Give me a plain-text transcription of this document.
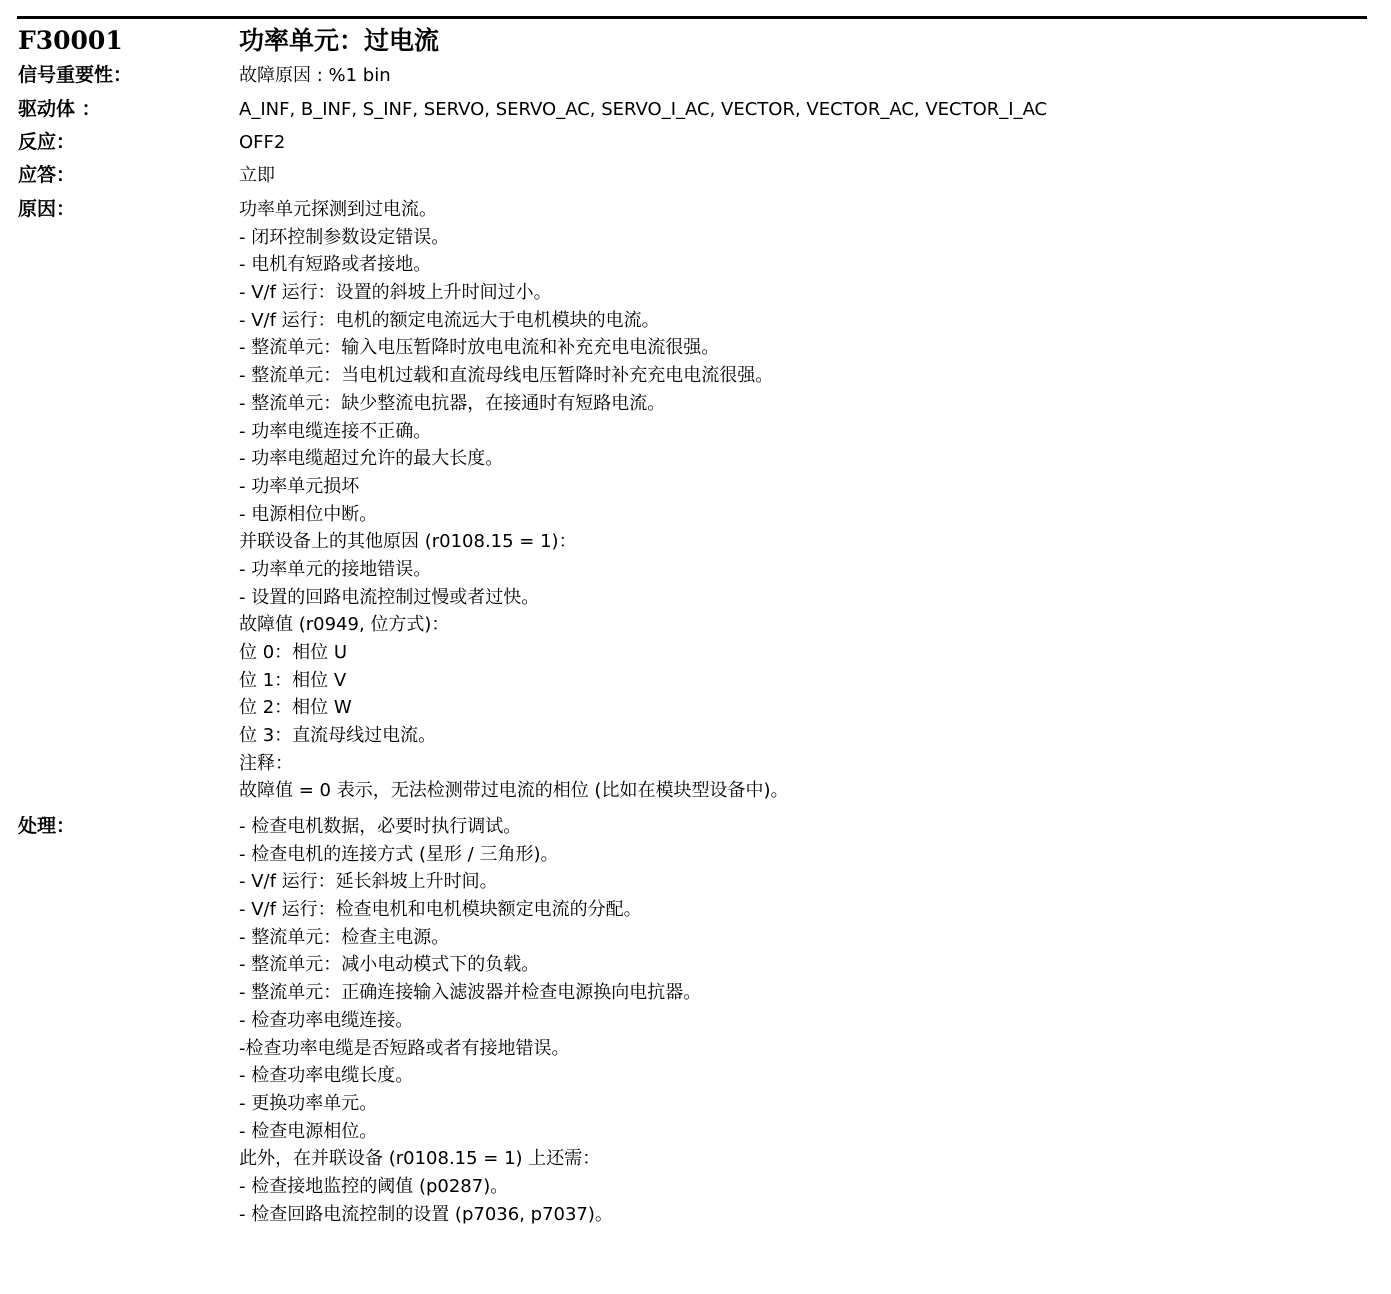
F30001	功率单元：过电流
信号重要性：	故障原因 : %1 bin
驱动体 ：	A_INF, B_INF, S_INF, SERVO, SERVO_AC, SERVO_I_AC, VECTOR, VECTOR_AC, VECTOR_I_AC
反应：	OFF2
应答：	立即
原因：	功率单元探测到过电流。
- 闭环控制参数设定错误。
- 电机有短路或者接地。
- V/f 运行：设置的斜坡上升时间过小。
- V/f 运行：电机的额定电流远大于电机模块的电流。
- 整流单元：输入电压暂降时放电电流和补充充电电流很强。
- 整流单元：当电机过载和直流母线电压暂降时补充充电电流很强。
- 整流单元：缺少整流电抗器，在接通时有短路电流。
- 功率电缆连接不正确。
- 功率电缆超过允许的最大长度。
- 功率单元损坏
- 电源相位中断。
并联设备上的其他原因 (r0108.15 = 1)：
- 功率单元的接地错误。
- 设置的回路电流控制过慢或者过快。
故障值 (r0949, 位方式)：
位 0：相位 U
位 1：相位 V
位 2：相位 W
位 3：直流母线过电流。
注释：
故障值 = 0 表示，无法检测带过电流的相位 (比如在模块型设备中)。
处理：	- 检查电机数据，必要时执行调试。
- 检查电机的连接方式 (星形 / 三角形)。
- V/f 运行：延长斜坡上升时间。
- V/f 运行：检查电机和电机模块额定电流的分配。
- 整流单元：检查主电源。
- 整流单元：减小电动模式下的负载。
- 整流单元：正确连接输入滤波器并检查电源换向电抗器。
- 检查功率电缆连接。
-检查功率电缆是否短路或者有接地错误。
- 检查功率电缆长度。
- 更换功率单元。
- 检查电源相位。
此外，在并联设备 (r0108.15 = 1) 上还需：
- 检查接地监控的阈值 (p0287)。
- 检查回路电流控制的设置 (p7036, p7037)。
